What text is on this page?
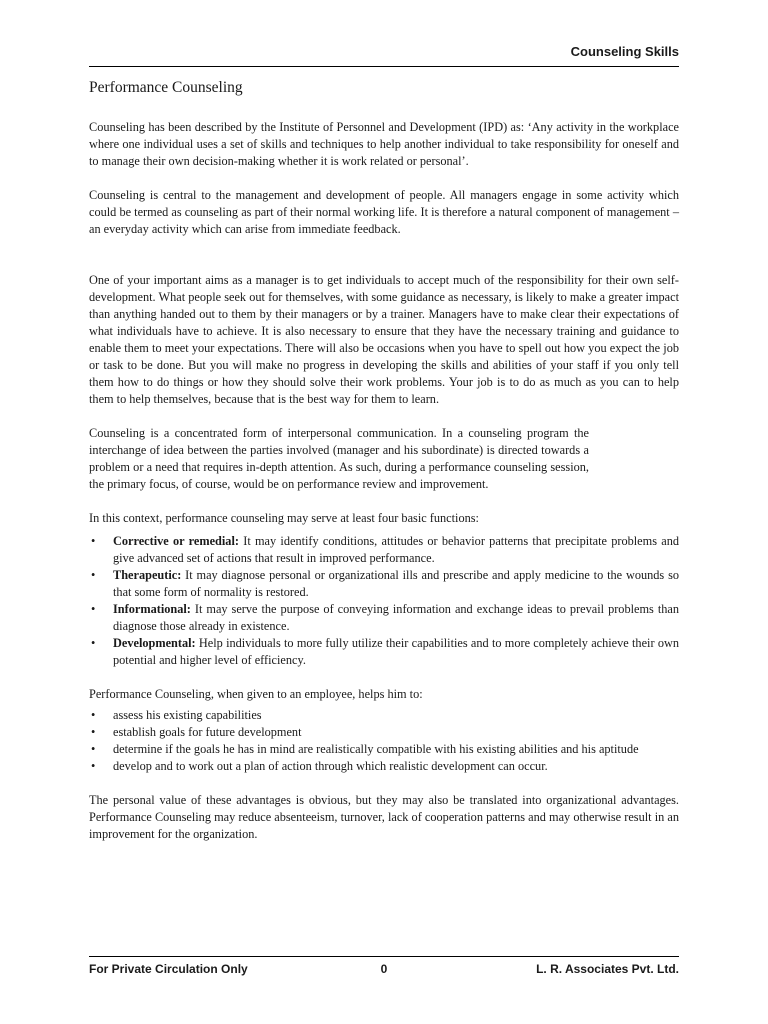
Counseling Skills
Performance Counseling

Counseling has been described by the Institute of Personnel and Development (IPD) as: ‘Any activity in the workplace where one individual uses a set of skills and techniques to help another individual to take responsibility for oneself and to manage their own decision-making whether it is work related or personal’.

Counseling is central to the management and development of people. All managers engage in some activity which could be termed as counseling as part of their normal working life. It is therefore a natural component of management – an everyday activity which can arise from immediate feedback.

One of your important aims as a manager is to get individuals to accept much of the responsibility for their own self-development. What people seek out for themselves, with some guidance as necessary, is likely to make a greater impact than anything handed out to them by their managers or by a trainer. Managers have to make clear their expectations of what individuals have to achieve. It is also necessary to ensure that they have the necessary training and guidance to enable them to meet your expectations. There will also be occasions when you have to spell out how you expect the job or task to be done. But you will make no progress in developing the skills and abilities of your staff if you only tell them how to do things or how they should solve their work problems. Your job is to do as much as you can to help them to help themselves, because that is the best way for them to learn.

Counseling is a concentrated form of interpersonal communication. In a counseling program the interchange of idea between the parties involved (manager and his subordinate) is directed towards a problem or a need that requires in-depth attention. As such, during a performance counseling session, the primary focus, of course, would be on performance review and improvement.

In this context, performance counseling may serve at least four basic functions:

• Corrective or remedial: It may identify conditions, attitudes or behavior patterns that precipitate problems and give advanced set of actions that result in improved performance.
• Therapeutic: It may diagnose personal or organizational ills and prescribe and apply medicine to the wounds so that some form of normality is restored.
• Informational: It may serve the purpose of conveying information and exchange ideas to prevail problems than diagnose those already in existence.
• Developmental: Help individuals to more fully utilize their capabilities and to more completely achieve their own potential and higher level of efficiency.

Performance Counseling, when given to an employee, helps him to:

• assess his existing capabilities
• establish goals for future development
• determine if the goals he has in mind are realistically compatible with his existing abilities and his aptitude
• develop and to work out a plan of action through which realistic development can occur.

The personal value of these advantages is obvious, but they may also be translated into organizational advantages. Performance Counseling may reduce absenteeism, turnover, lack of cooperation patterns and may otherwise result in an improvement for the organization.

For Private Circulation Only	0	L. R. Associates Pvt. Ltd.
